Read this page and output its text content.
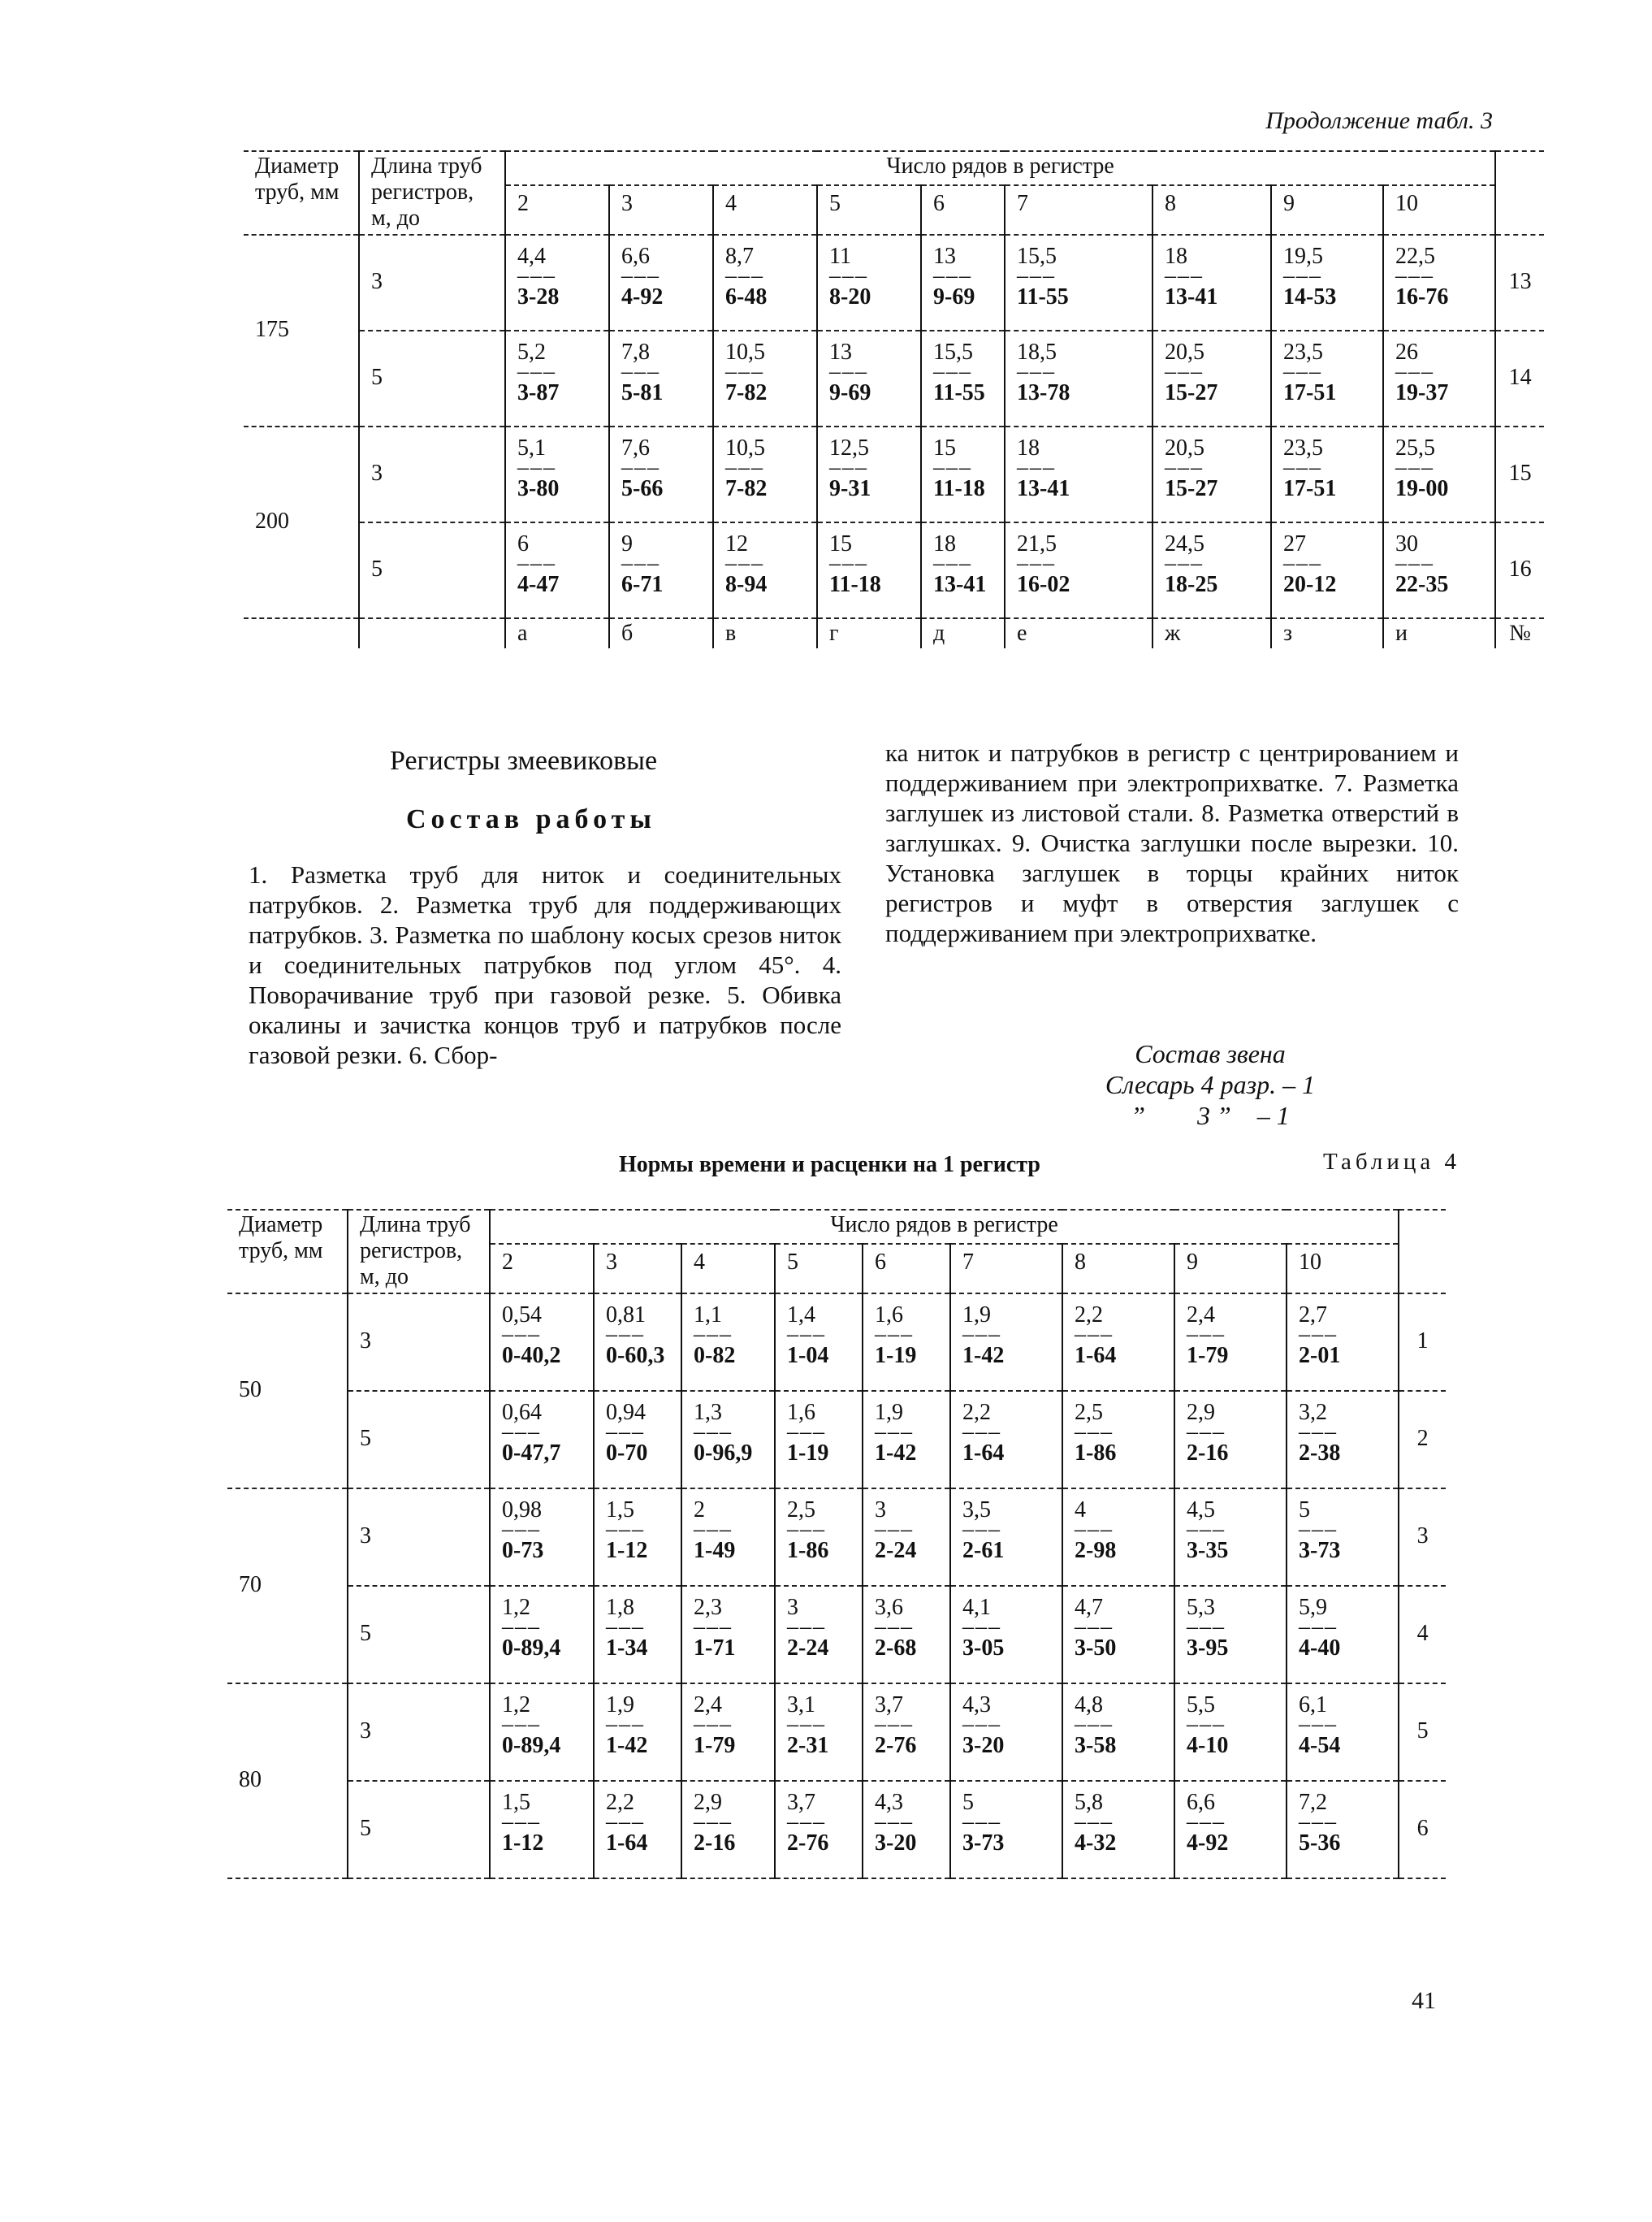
Продолжение табл. 3
Диаметр труб, мм	Длина труб регистров, м, до	Число рядов в регистре									
		2	3	4	5	6	7	8	9	10	
175	3	4,4
–––
3-28	6,6
–––
4-92	8,7
–––
6-48	11
–––
8-20	13
–––
9-69	15,5
–––
11-55	18
–––
13-41	19,5
–––
14-53	22,5
–––
16-76	13
	5	5,2
–––
3-87	7,8
–––
5-81	10,5
–––
7-82	13
–––
9-69	15,5
–––
11-55	18,5
–––
13-78	20,5
–––
15-27	23,5
–––
17-51	26
–––
19-37	14
200	3	5,1
–––
3-80	7,6
–––
5-66	10,5
–––
7-82	12,5
–––
9-31	15
–––
11-18	18
–––
13-41	20,5
–––
15-27	23,5
–––
17-51	25,5
–––
19-00	15
	5	6
–––
4-47	9
–––
6-71	12
–––
8-94	15
–––
11-18	18
–––
13-41	21,5
–––
16-02	24,5
–––
18-25	27
–––
20-12	30
–––
22-35	16
		а	б	в	г	д	е	ж	з	и	№
Регистры змеевиковые
Состав работы
1. Разметка труб для ниток и соединительных патрубков. 2. Разметка труб для поддерживающих патрубков. 3. Разметка по шаблону косых срезов ниток и соединительных патрубков под углом 45°. 4. Поворачивание труб при газовой резке. 5. Обивка окалины и зачистка концов труб и патрубков после газовой резки. 6. Сбор-
ка ниток и патрубков в регистр с центрированием и поддерживанием при электроприхватке. 7. Разметка заглушек из листовой стали. 8. Разметка отверстий в заглушках. 9. Очистка заглушки после вырезки. 10. Установка заглушек в торцы крайних ниток регистров и муфт в отверстия заглушек с поддерживанием при электроприхватке.
Состав звена
Слесарь 4 разр. – 1
”        3 ”    – 1
Нормы времени и расценки на 1 регистр	Таблица 4
Диаметр труб, мм	Длина труб регистров, м, до	Число рядов в регистре									
		2	3	4	5	6	7	8	9	10	
50	3	0,54
–––
0-40,2	0,81
–––
0-60,3	1,1
–––
0-82	1,4
–––
1-04	1,6
–––
1-19	1,9
–––
1-42	2,2
–––
1-64	2,4
–––
1-79	2,7
–––
2-01	1
	5	0,64
–––
0-47,7	0,94
–––
0-70	1,3
–––
0-96,9	1,6
–––
1-19	1,9
–––
1-42	2,2
–––
1-64	2,5
–––
1-86	2,9
–––
2-16	3,2
–––
2-38	2
70	3	0,98
–––
0-73	1,5
–––
1-12	2
–––
1-49	2,5
–––
1-86	3
–––
2-24	3,5
–––
2-61	4
–––
2-98	4,5
–––
3-35	5
–––
3-73	3
	5	1,2
–––
0-89,4	1,8
–––
1-34	2,3
–––
1-71	3
–––
2-24	3,6
–––
2-68	4,1
–––
3-05	4,7
–––
3-50	5,3
–––
3-95	5,9
–––
4-40	4
80	3	1,2
–––
0-89,4	1,9
–––
1-42	2,4
–––
1-79	3,1
–––
2-31	3,7
–––
2-76	4,3
–––
3-20	4,8
–––
3-58	5,5
–––
4-10	6,1
–––
4-54	5
	5	1,5
–––
1-12	2,2
–––
1-64	2,9
–––
2-16	3,7
–––
2-76	4,3
–––
3-20	5
–––
3-73	5,8
–––
4-32	6,6
–––
4-92	7,2
–––
5-36	6

41
